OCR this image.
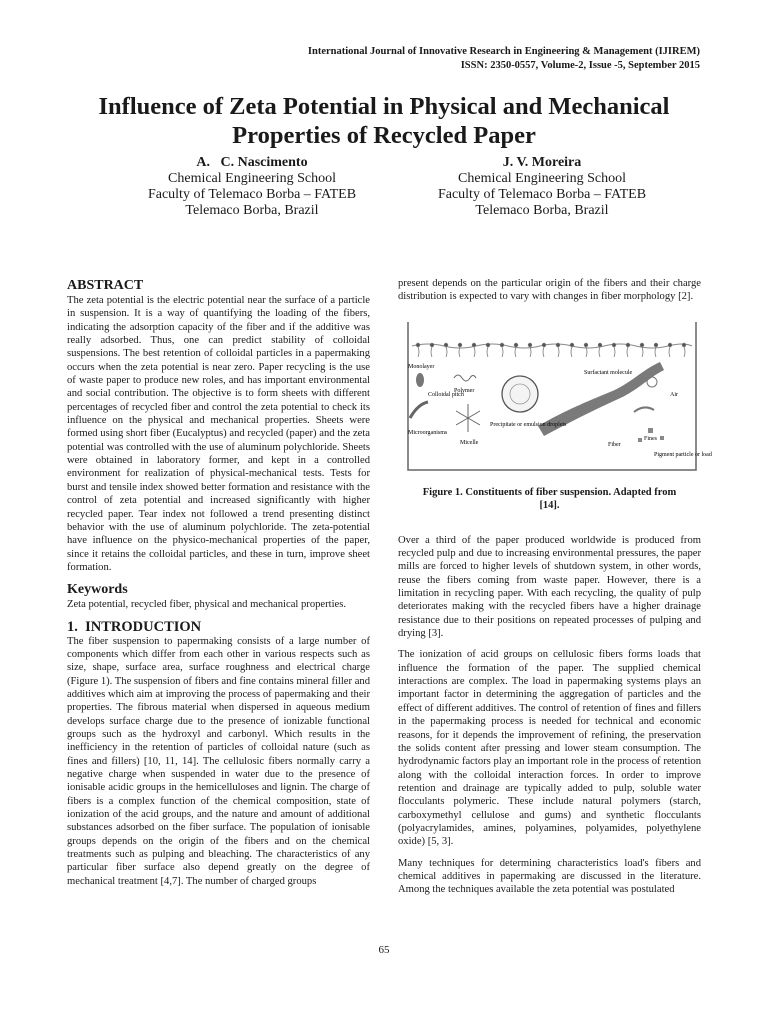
International Journal of Innovative Research in Engineering & Management (IJIREM)
ISSN: 2350-0557, Volume-2, Issue -5, September 2015
Influence of Zeta Potential in Physical and Mechanical
Properties of Recycled Paper
A.   C. Nascimento
Chemical Engineering School
Faculty of Telemaco Borba – FATEB
Telemaco Borba, Brazil
J. V. Moreira
Chemical Engineering School
Faculty of Telemaco Borba – FATEB
Telemaco Borba, Brazil
ABSTRACT

The zeta potential is the electric potential near the surface of a particle in suspension. It is a way of quantifying the loading of the fibers, indicating the adsorption capacity of the fiber and if the additive was really adsorbed. Thus, one can predict stability of colloidal suspensions. The best retention of colloidal particles in a papermaking occurs when the zeta potential is near zero. Paper recycling is the use of waste paper to produce new roles, and has important environmental and social contribution. The objective is to form sheets with different percentages of recycled fiber and control the zeta potential to check its influence on the physical and mechanical properties. Sheets were formed using short fiber (Eucalyptus) and recycled (paper) and the zeta potential was controlled with the use of aluminum polychloride. Sheets were obtained in laboratory former, and kept in a controlled environment for realization of physical-mechanical tests. Tests for burst and tensile index showed better formation and resistance with the control of zeta potential and increased significantly with higher recycled paper. Tear index not followed a trend presenting distinct behavior with the use of aluminum polychloride. The zeta-potential have influence on the physico-mechanical properties of the paper, since it retains the colloidal particles, and these in turn, improve sheet formation.

Keywords

Zeta potential, recycled fiber, physical and mechanical properties.

1.  INTRODUCTION

The fiber suspension to papermaking consists of a large number of components which differ from each other in various respects such as size, shape, surface area, surface roughness and electrical charge (Figure 1). The suspension of fibers and fine contains mineral filler and additives which aim at improving the process of papermaking and their properties. The fibrous material when dispersed in aqueous medium develops surface charge due to the presence of ionizable functional groups such as the hydroxyl and carbonyl. Which results in the inefficiency in the retention of particles of colloidal nature (such as fines and fillers) [10, 11, 14]. The cellulosic fibers normally carry a negative charge when suspended in water due to the presence of ionisable acidic groups in the hemicelluloses and lignin. The charge of fibers is a complex function of the chemical composition, state of ionization of the acid groups, and the nature and amount of additional substances adsorbed on the fiber surface. The population of ionisable groups depends on the origin of the fibers and on the chemical treatments such as pulping and bleaching. The characteristics of any particular fiber surface also depend greatly on the degree of mechanical treatment [4,7]. The number of charged groups

present depends on the particular origin of the fibers and their charge distribution is expected to vary with changes in fiber morphology [2].

Monolayer
Colloidal pitch
Microorganisms
Polymer
Micelle
Precipitate or emulsion droplets
Surfactant molecule
Air
Fiber
Fines
Pigment particle or load
Figure 1. Constituents of fiber suspension. Adapted from [14].

Over a third of the paper produced worldwide is produced from recycled pulp and due to increasing environmental pressures, the paper mills are forced to higher levels of shutdown system, in other words, reuse the fibers coming from waste paper. However, there is a limitation in recycling paper. With each recycling, the quality of pulp deteriorates making with the recycled fibers have a higher drainage resistance due to their positions on repeated processes of pulping and drying [3].

The ionization of acid groups on cellulosic fibers forms loads that influence the formation of the paper. The supplied chemical interactions are complex. The load in papermaking systems plays an important factor in determining the aggregation of particles and the effect of different additives. The control of retention of fines and fillers in the papermaking process is needed for technical and economic reasons, for it depends the improvement of refining, the preservation the solids content after pressing and lower steam consumption. The hydrodynamic factors play an important role in the process of retention along with the colloidal interaction forces. In order to improve retention and drainage are typically added to pulp, soluble water flocculants polymeric. These include natural polymers (starch, carboxymethyl cellulose and gums) and synthetic flocculants (polyacrylamides, amines, polyamines, polyamides, polyethylene oxide) [5, 3].

Many techniques for determining characteristics load's fibers and chemical additives in papermaking are discussed in the literature. Among the techniques available the zeta potential was postulated

65
